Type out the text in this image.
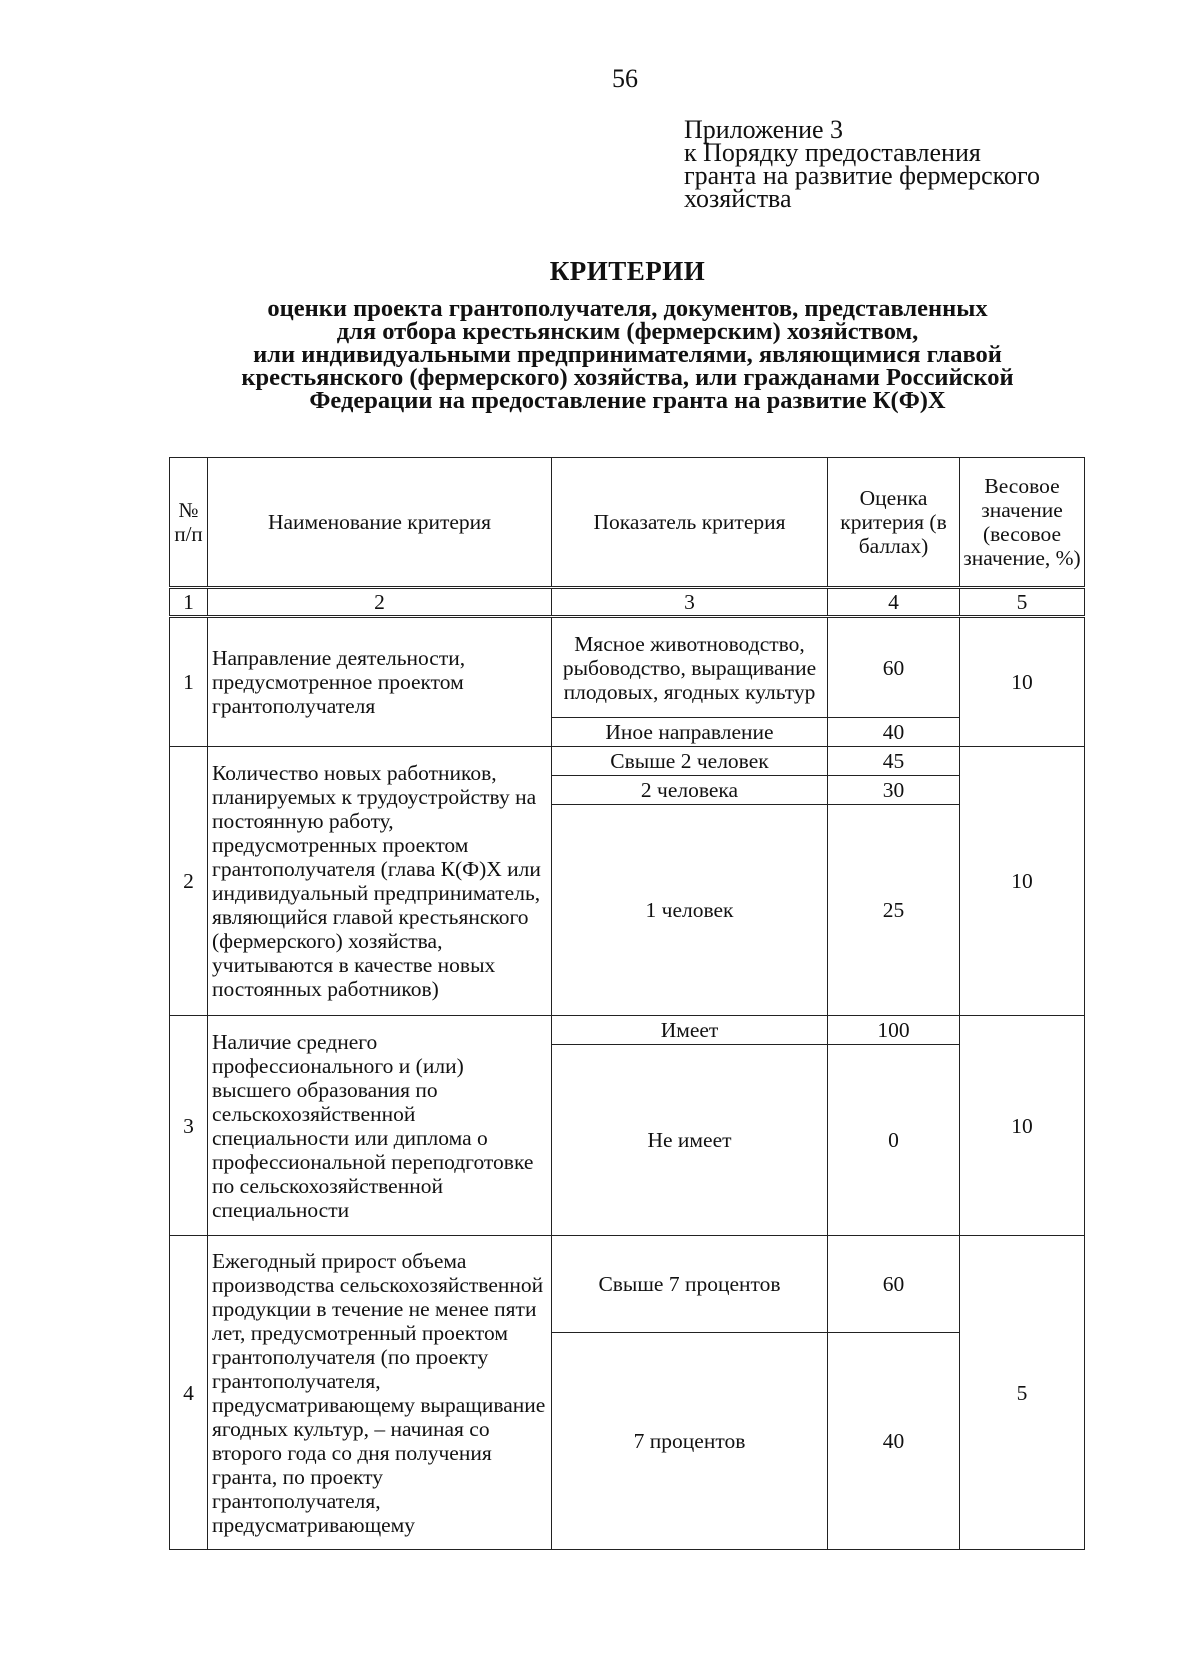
56
Приложение 3
к Порядку предоставления
гранта на развитие фермерского
хозяйства
КРИТЕРИИ
оценки проекта грантополучателя, документов, представленных
для отбора крестьянским (фермерским) хозяйством,
или индивидуальными предпринимателями, являющимися главой
крестьянского (фермерского) хозяйства, или гражданами Российской
Федерации на предоставление гранта на развитие К(Ф)Х
№ п/п	Наименование критерия	Показатель критерия	Оценка критерия (в баллах)	Весовое значение (весовое значение, %)
1	2	3	4	5
1	Направление деятельности, предусмотренное проектом грантополучателя	Мясное животноводство, рыбоводство, выращивание плодовых, ягодных культур	60	10
		Иное направление	40	
2	Количество новых работников, планируемых к трудоустройству на постоянную работу, предусмотренных проектом грантополучателя (глава К(Ф)Х или индивидуальный предприниматель, являющийся главой крестьянского (фермерского) хозяйства, учитываются в качестве новых постоянных работников)	Свыше 2 человек	45	10
		2 человека	30	
		1 человек	25	
3	Наличие среднего профессионального и (или) высшего образования по сельскохозяйственной специальности или диплома о профессиональной переподготовке по сельскохозяйственной специальности	Имеет	100	10
		Не имеет	0	
4	Ежегодный прирост объема производства сельскохозяйственной продукции в течение не менее пяти лет, предусмотренный проектом грантополучателя (по проекту грантополучателя, предусматривающему выращивание ягодных культур, – начиная со второго года со дня получения гранта, по проекту грантополучателя, предусматривающему	Свыше 7 процентов	60	5
		7 процентов	40	
